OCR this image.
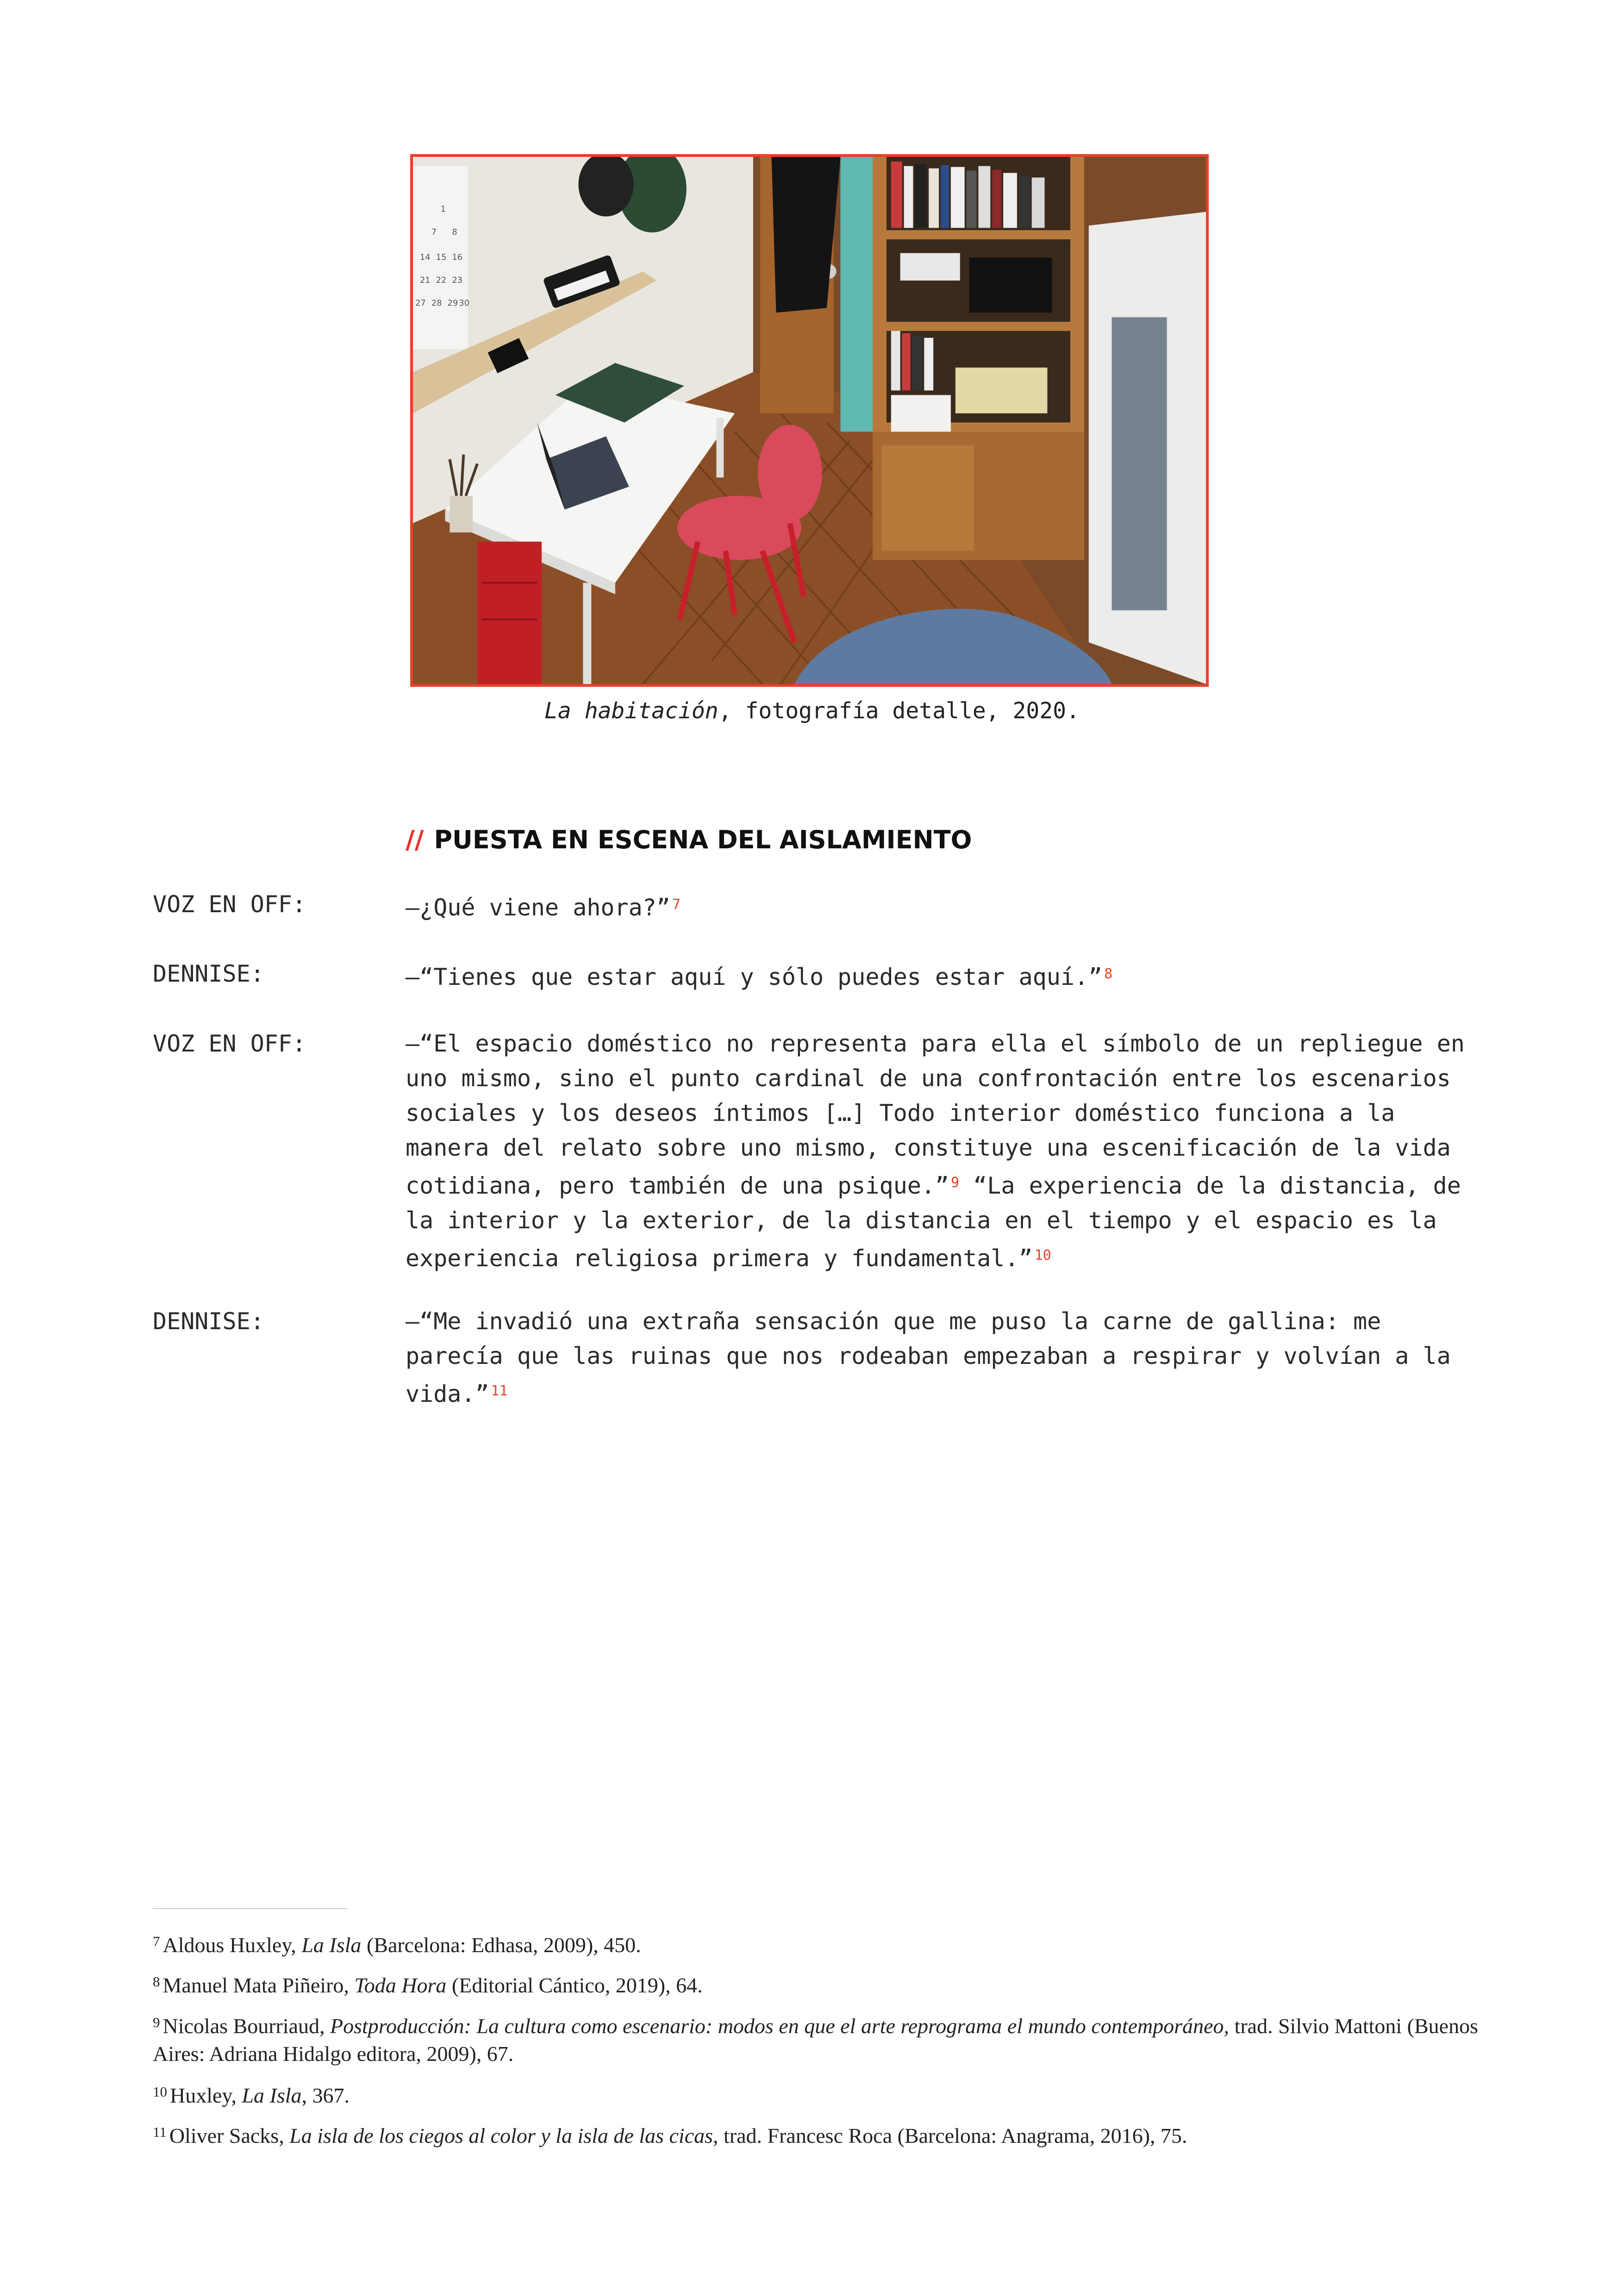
1
7 8
14 15 16
21 22 23
27 28 29 30
La habitación, fotografía detalle, 2020.
// PUESTA EN ESCENA DEL AISLAMIENTO
VOZ EN OFF:	—¿Qué viene ahora?” $^7$
DENNISE:	—“Tienes que estar aquí y sólo puedes estar aquí.” $^8$
VOZ EN OFF:	—“El espacio doméstico no representa para ella el símbolo de un repliegue en uno mismo, sino el punto cardinal de una confrontación entre los escenarios sociales y los deseos íntimos […] Todo interior doméstico funciona a la manera del relato sobre uno mismo, constituye una escenificación de la vida cotidiana, pero también de una psique.” $^9$ “La experiencia de la distancia, de la interior y la exterior, de la distancia en el tiempo y el espacio es la experiencia religiosa primera y fundamental.” $^{10}$
DENNISE:	—“Me invadió una extraña sensación que me puso la carne de gallina: me parecía que las ruinas que nos rodeaban empezaban a respirar y volvían a la vida.” $^{11}$
$^7$ Aldous Huxley, La Isla (Barcelona: Edhasa, 2009), 450.
$^8$ Manuel Mata Piñeiro, Toda Hora (Editorial Cántico, 2019), 64.
$^9$ Nicolas Bourriaud, Postproducción: La cultura como escenario: modos en que el arte reprograma el mundo contemporáneo, trad. Silvio Mattoni (Buenos Aires: Adriana Hidalgo editora, 2009), 67.
$^{10}$ Huxley, La Isla, 367.
$^{11}$ Oliver Sacks, La isla de los ciegos al color y la isla de las cicas, trad. Francesc Roca (Barcelona: Anagrama, 2016), 75.
